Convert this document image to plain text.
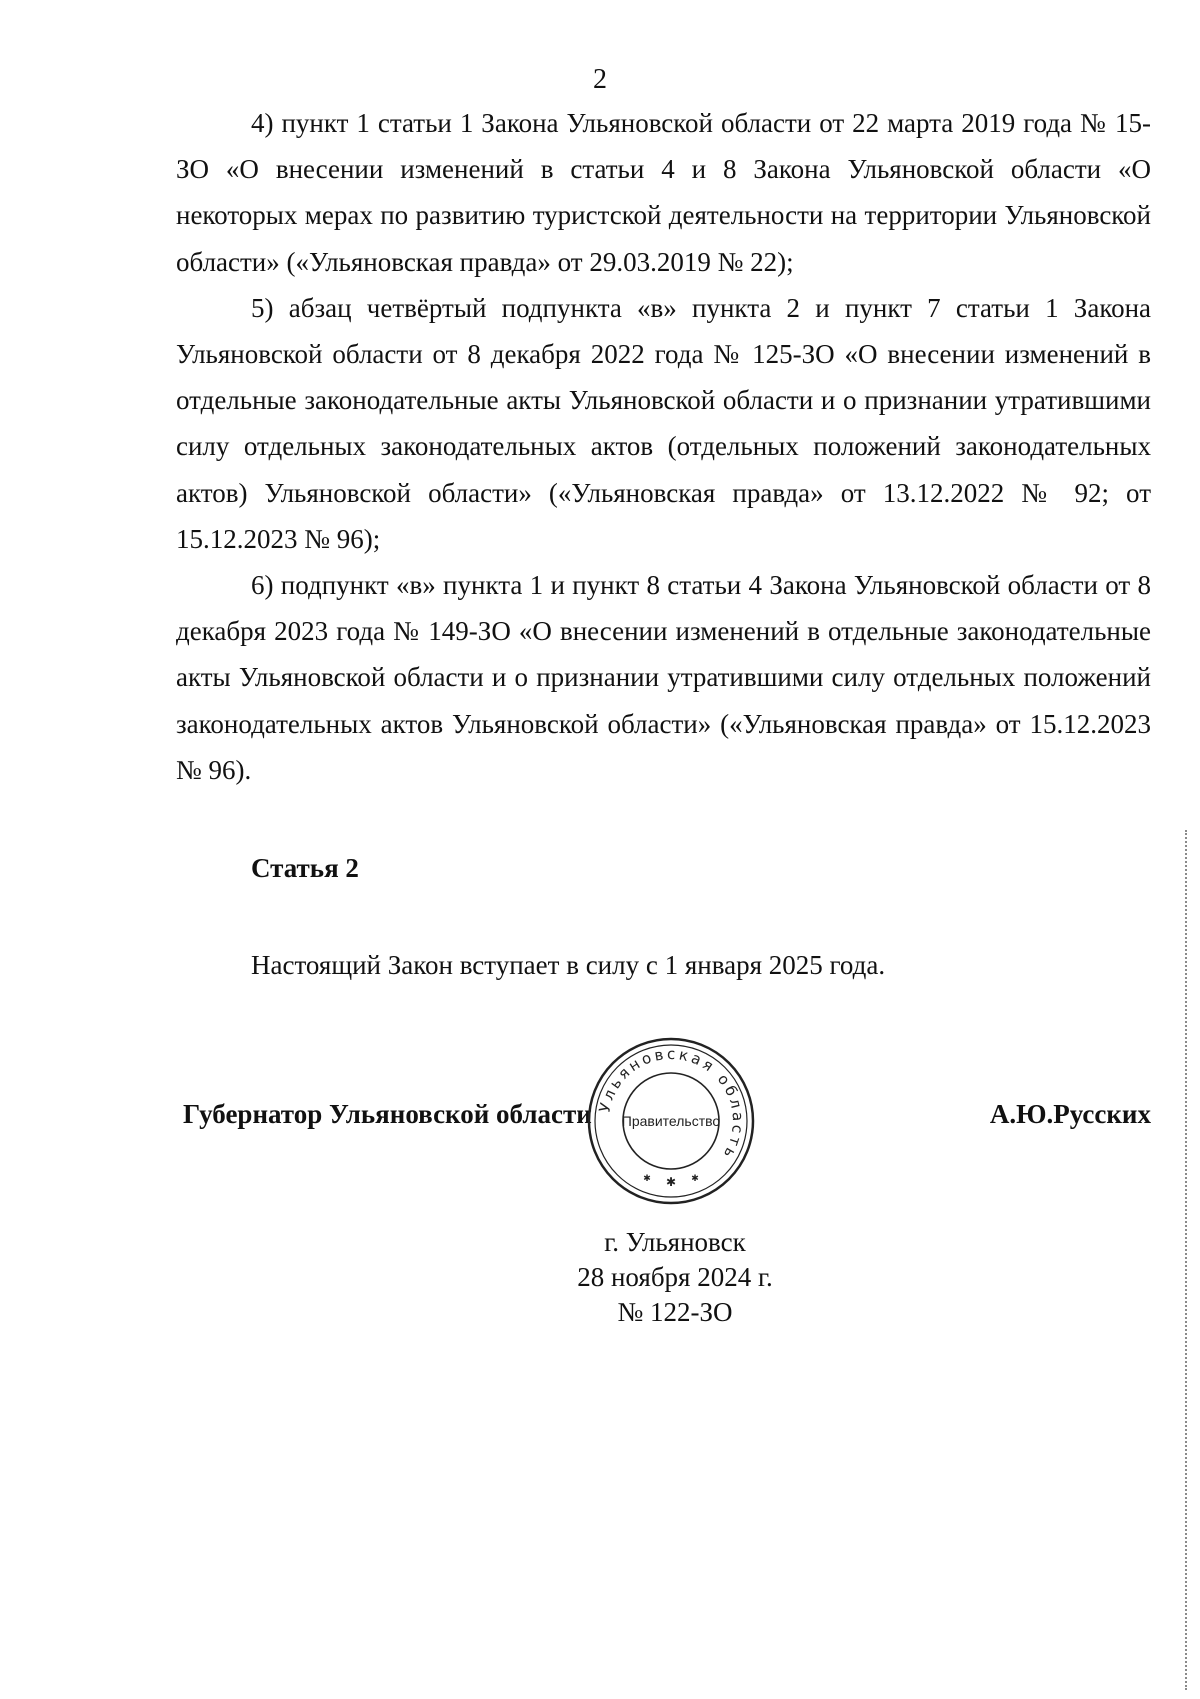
2

4) пункт 1 статьи 1 Закона Ульяновской области от 22 марта 2019 года № 15-ЗО «О внесении изменений в статьи 4 и 8 Закона Ульяновской области «О некоторых мерах по развитию туристской деятельности на территории Ульяновской области» («Ульяновская правда» от 29.03.2019 № 22);

5) абзац четвёртый подпункта «в» пункта 2 и пункт 7 статьи 1 Закона Ульяновской области от 8 декабря 2022 года № 125-ЗО «О внесении изменений в отдельные законодательные акты Ульяновской области и о признании утратившими силу отдельных законодательных актов (отдельных положений законодательных актов) Ульяновской области» («Ульяновская правда» от 13.12.2022 № 92; от 15.12.2023 № 96);

6) подпункт «в» пункта 1 и пункт 8 статьи 4 Закона Ульяновской области от 8 декабря 2023 года № 149-ЗО «О внесении изменений в отдельные законодательные акты Ульяновской области и о признании утратившими силу отдельных положений законодательных актов Ульяновской области» («Ульяновская правда» от 15.12.2023 № 96).

Статья 2
Настоящий Закон вступает в силу с 1 января 2025 года.
Губернатор Ульяновской области Ульяновская область
Правительство
✱
✱	✱
А.Ю.Русских
г. Ульяновск
28 ноября 2024 г.
№ 122-ЗО
